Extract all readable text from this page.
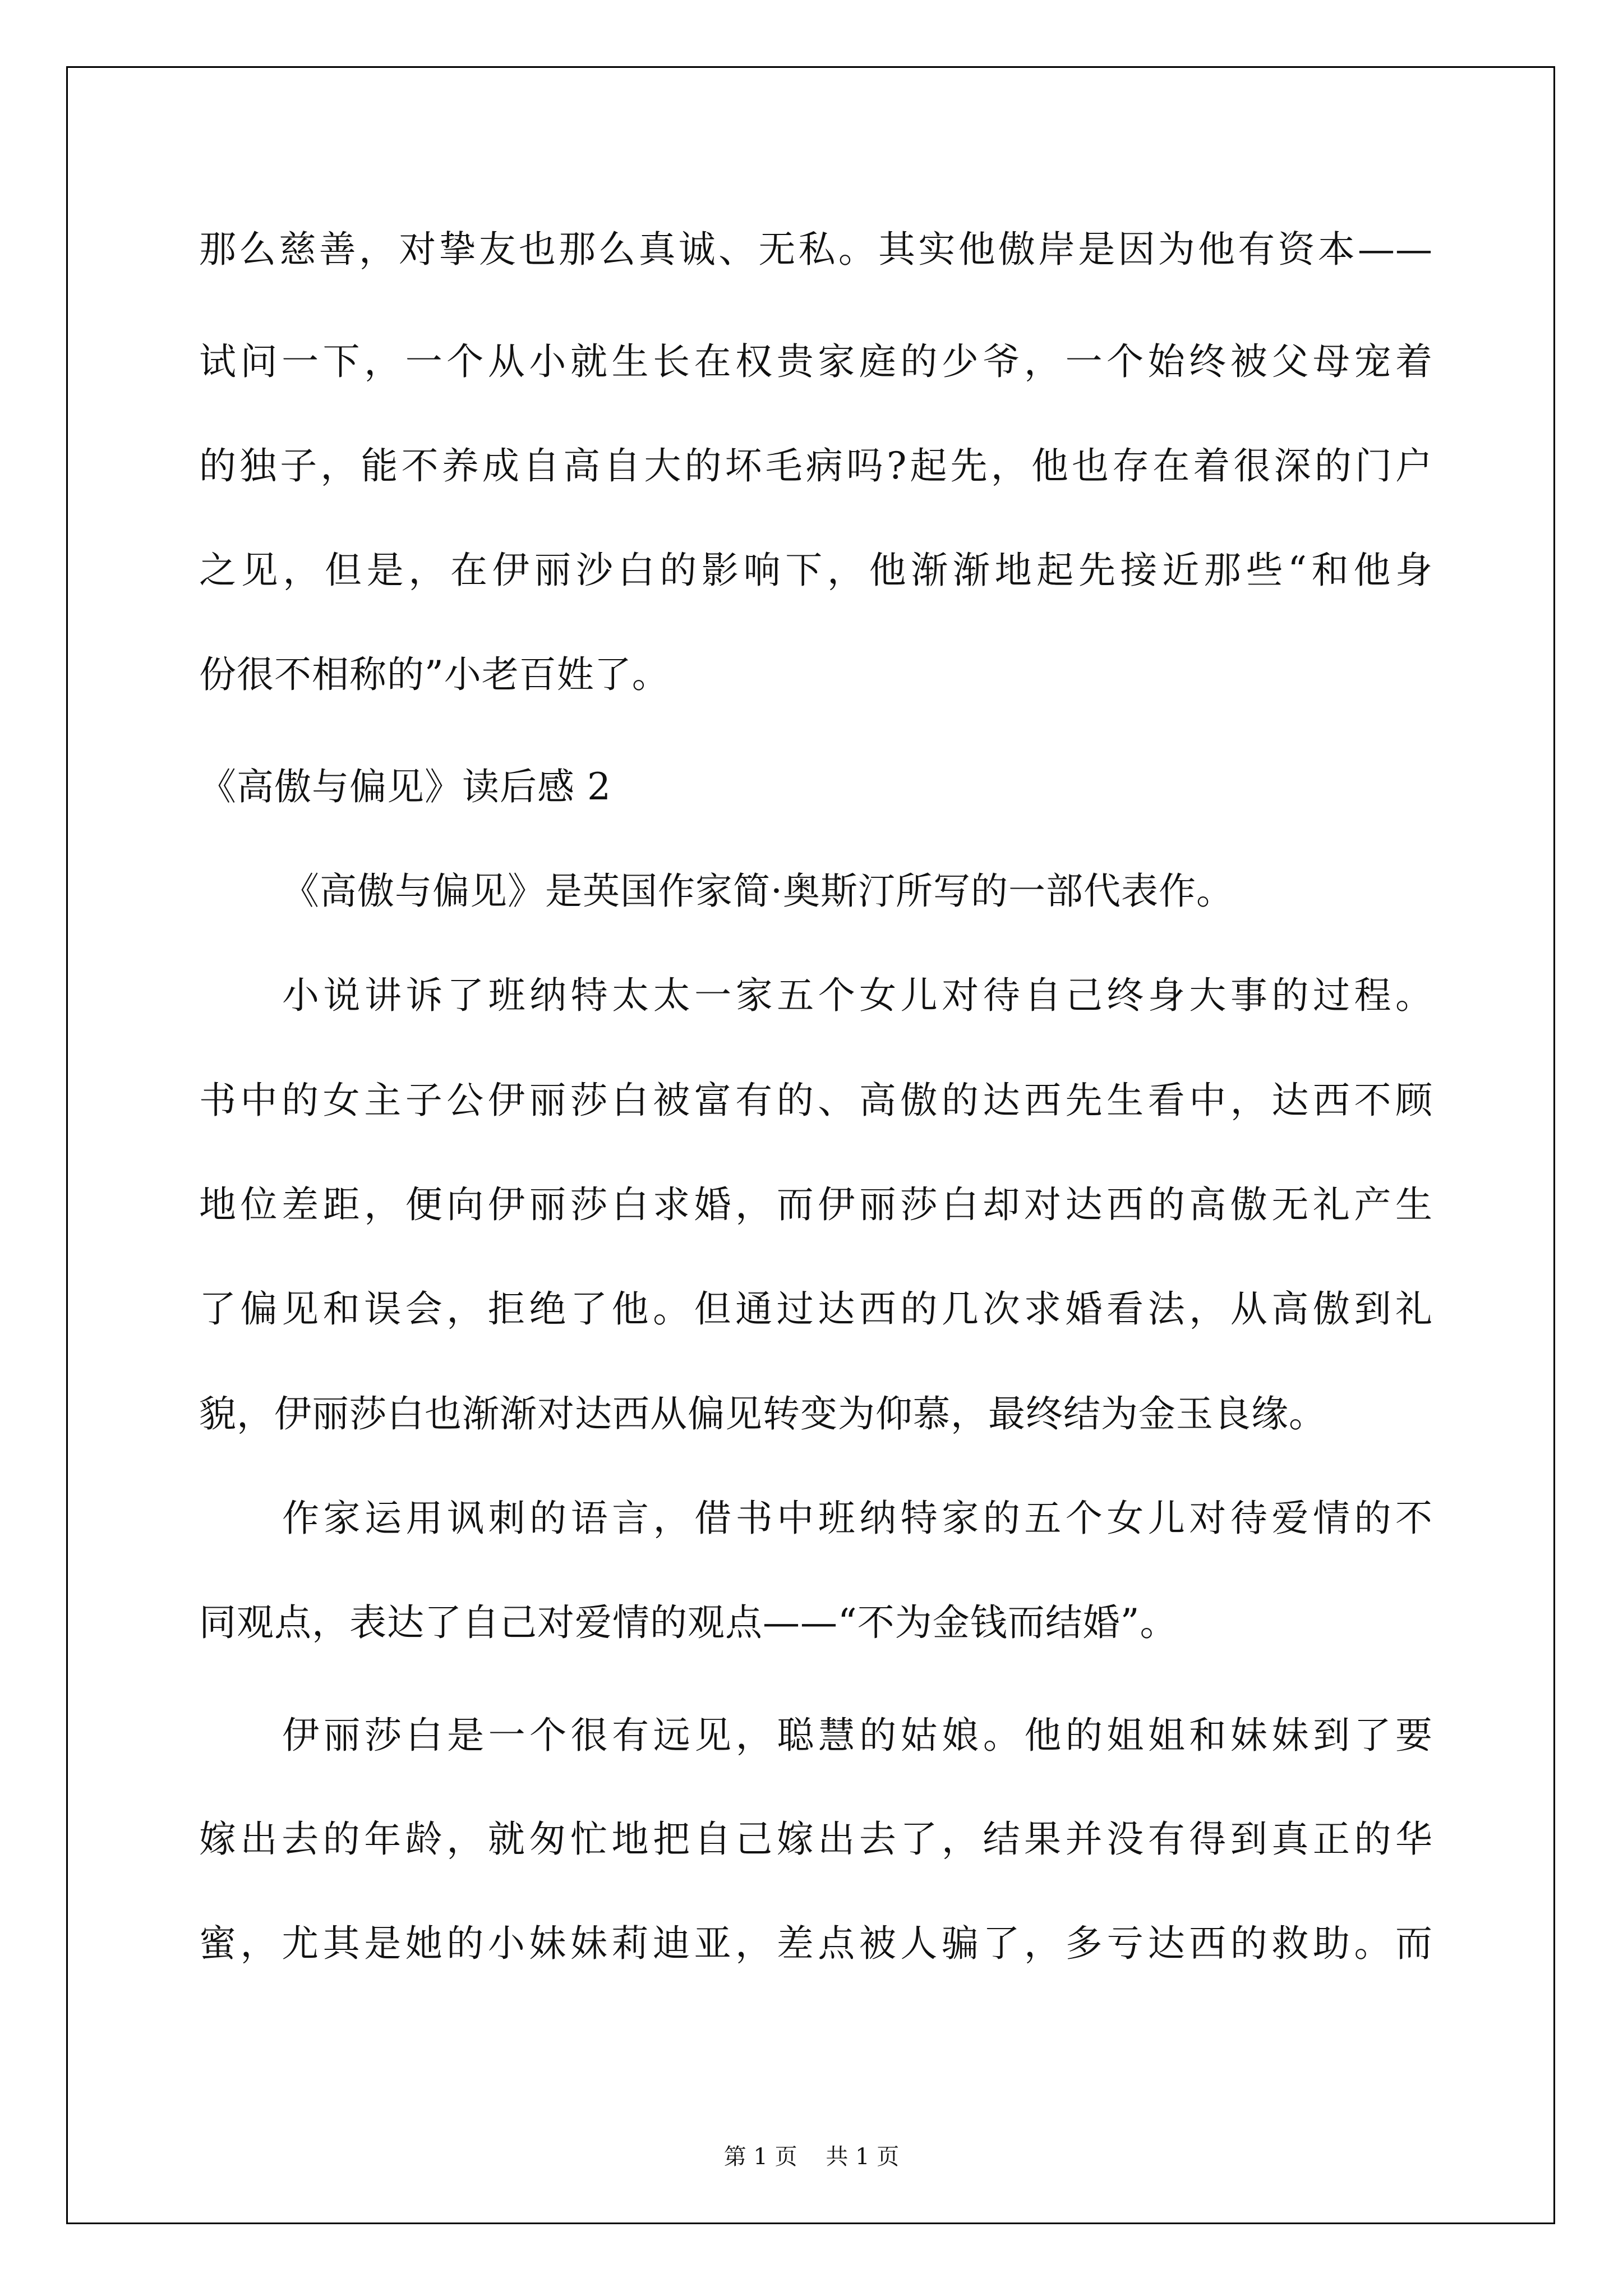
那么慈善，对挚友也那么真诚、无私。其实他傲岸是因为他有资本——

试问一下，一个从小就生长在权贵家庭的少爷，一个始终被父母宠着

的独子，能不养成自高自大的坏毛病吗?起先，他也存在着很深的门户

之见，但是，在伊丽沙白的影响下，他渐渐地起先接近那些“和他身

份很不相称的”小老百姓了。

《高傲与偏见》读后感 2

《高傲与偏见》是英国作家简·奥斯汀所写的一部代表作。

小说讲诉了班纳特太太一家五个女儿对待自己终身大事的过程。

书中的女主子公伊丽莎白被富有的、高傲的达西先生看中，达西不顾

地位差距，便向伊丽莎白求婚，而伊丽莎白却对达西的高傲无礼产生

了偏见和误会，拒绝了他。但通过达西的几次求婚看法，从高傲到礼

貌，伊丽莎白也渐渐对达西从偏见转变为仰慕，最终结为金玉良缘。

作家运用讽刺的语言，借书中班纳特家的五个女儿对待爱情的不

同观点，表达了自己对爱情的观点——“不为金钱而结婚”。

伊丽莎白是一个很有远见，聪慧的姑娘。他的姐姐和妹妹到了要

嫁出去的年龄，就匆忙地把自己嫁出去了，结果并没有得到真正的华

蜜，尤其是她的小妹妹莉迪亚，差点被人骗了，多亏达西的救助。而

第 1 页    共 1 页
